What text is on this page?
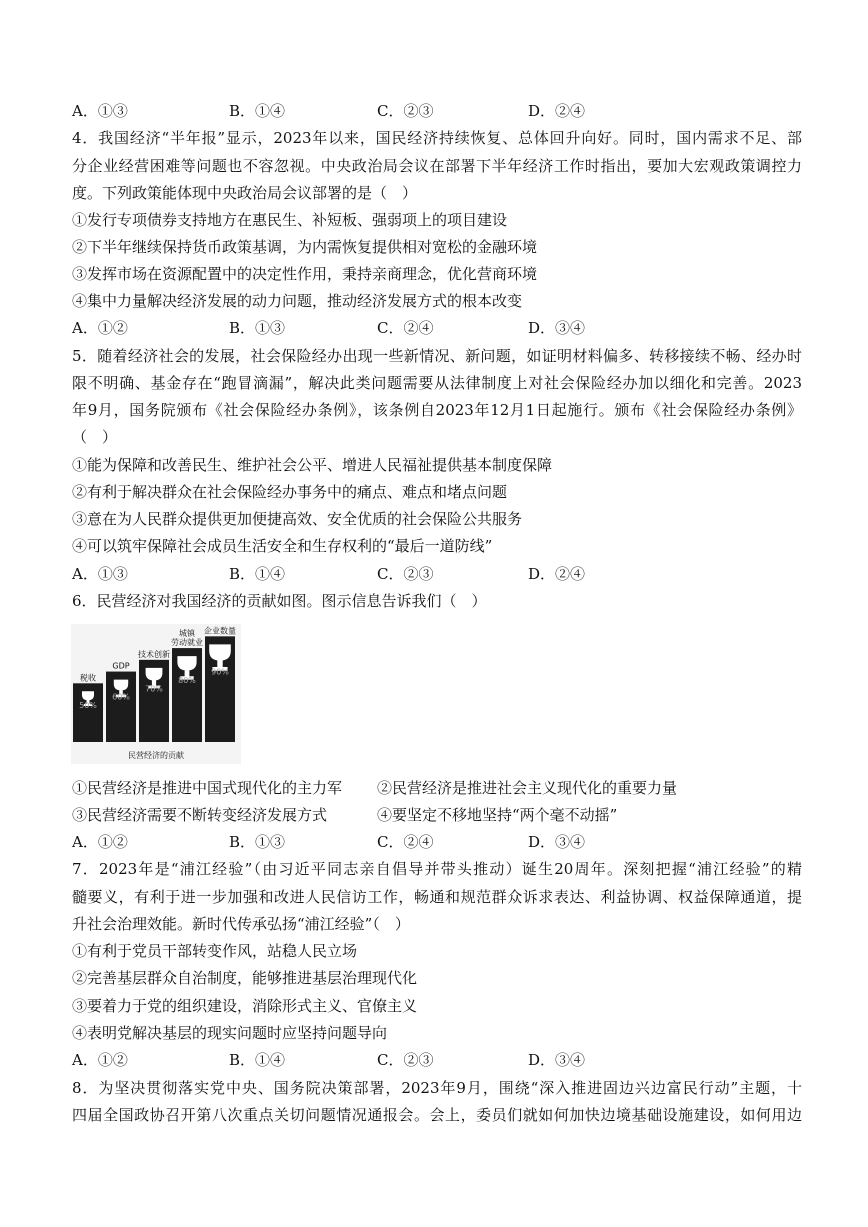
A．①③	B．①④	C．②③	D．②④
4．我国经济“半年报”显示，2023年以来，国民经济持续恢复、总体回升向好。同时，国内需求不足、部
分企业经营困难等问题也不容忽视。中央政治局会议在部署下半年经济工作时指出，要加大宏观政策调控力
度。下列政策能体现中央政治局会议部署的是（　）
①发行专项债券支持地方在惠民生、补短板、强弱项上的项目建设
②下半年继续保持货币政策基调，为内需恢复提供相对宽松的金融环境
③发挥市场在资源配置中的决定性作用，秉持亲商理念，优化营商环境
④集中力量解决经济发展的动力问题，推动经济发展方式的根本改变
A．①②	B．①③	C．②④	D．③④
5．随着经济社会的发展，社会保险经办出现一些新情况、新问题，如证明材料偏多、转移接续不畅、经办时
限不明确、基金存在“跑冒滴漏”，解决此类问题需要从法律制度上对社会保险经办加以细化和完善。2023
年9月，国务院颁布《社会保险经办条例》，该条例自2023年12月1日起施行。颁布《社会保险经办条例》
（　）
①能为保障和改善民生、维护社会公平、增进人民福祉提供基本制度保障
②有利于解决群众在社会保险经办事务中的痛点、难点和堵点问题
③意在为人民群众提供更加便捷高效、安全优质的社会保险公共服务
④可以筑牢保障社会成员生活安全和生存权利的“最后一道防线”
A．①③	B．①④	C．②③	D．②④
6．民营经济对我国经济的贡献如图。图示信息告诉我们（　）
税收
50%
GDP
60%
技术创新
70%
城镇
劳动就业
80%
企业数量
90%
民营经济的贡献
①民营经济是推进中国式现代化的主力军 ②民营经济是推进社会主义现代化的重要力量
③民营经济需要不断转变经济发展方式	④要坚定不移地坚持“两个毫不动摇”
A．①②	B．①③	C．②④	D．③④
7．2023年是“浦江经验”（由习近平同志亲自倡导并带头推动）诞生20周年。深刻把握“浦江经验”的精
髓要义，有利于进一步加强和改进人民信访工作，畅通和规范群众诉求表达、利益协调、权益保障通道，提
升社会治理效能。新时代传承弘扬“浦江经验”（　）
①有利于党员干部转变作风，站稳人民立场
②完善基层群众自治制度，能够推进基层治理现代化
③要着力于党的组织建设，消除形式主义、官僚主义
④表明党解决基层的现实问题时应坚持问题导向
A．①②	B．①④	C．②③	D．③④
8．为坚决贯彻落实党中央、国务院决策部署，2023年9月，围绕“深入推进固边兴边富民行动”主题，十
四届全国政协召开第八次重点关切问题情况通报会。会上，委员们就如何加快边境基础设施建设，如何用边
